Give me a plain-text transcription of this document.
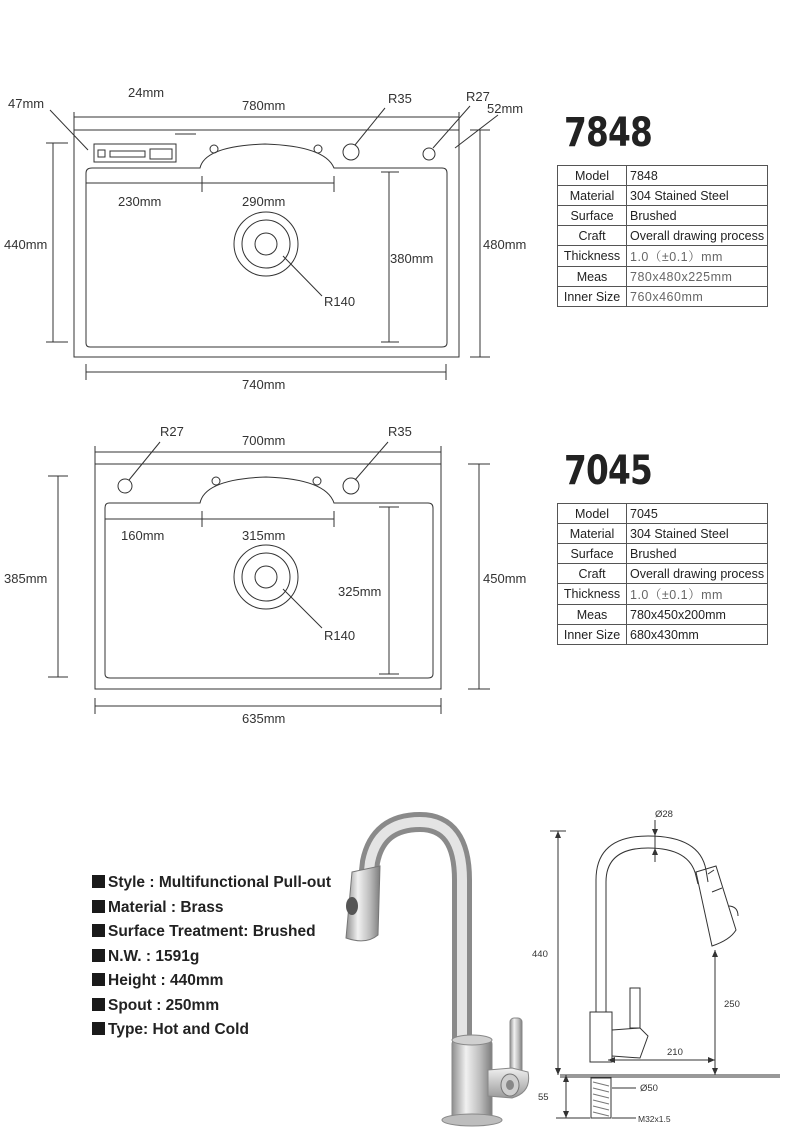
47mm
24mm
780mm	R35	R27
52mm
230mm	290mm
440mm
380mm
480mm
R140
740mm
7848
Model	7848
Material	304 Stained Steel
Surface	Brushed
Craft	Overall drawing process
Thickness	1.0（±0.1）mm
Meas	780x480x225mm
Inner Size	760x460mm
R27
700mm
R35
160mm	315mm
385mm
325mm
450mm
R140
635mm
7045
Model	7045
Material	304 Stained Steel
Surface	Brushed
Craft	Overall drawing process
Thickness	1.0（±0.1）mm
Meas	780x450x200mm
Inner Size	680x430mm
Style : Multifunctional Pull-out
Material : Brass
Surface Treatment: Brushed
N.W. : 1591g
Height : 440mm
Spout : 250mm
Type: Hot and Cold
Ø28
440
250
210
Ø50
55
M32x1.5
